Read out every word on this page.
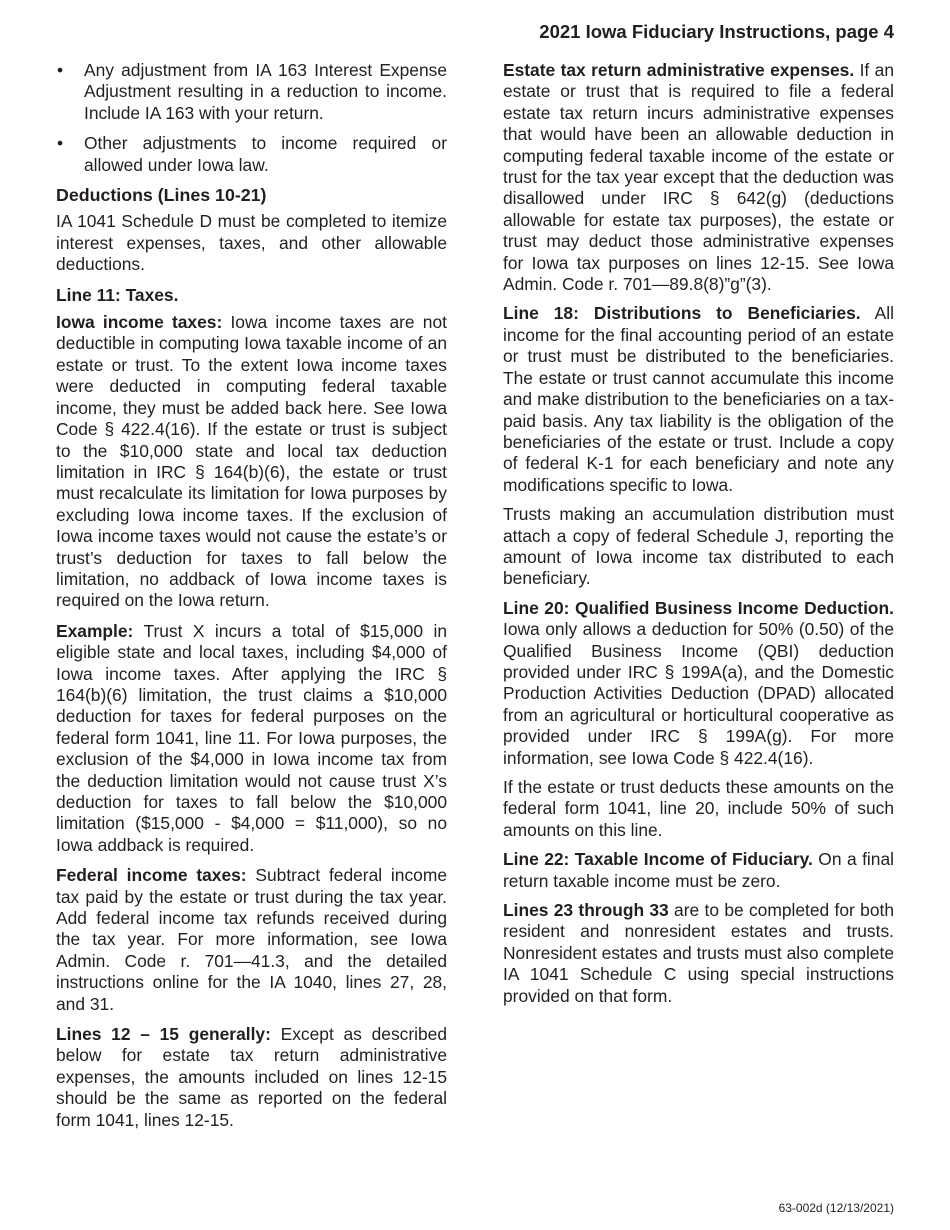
2021 Iowa Fiduciary Instructions, page 4
• Any adjustment from IA 163 Interest Expense Adjustment resulting in a reduction to income. Include IA 163 with your return.
• Other adjustments to income required or allowed under Iowa law.
Deductions (Lines 10-21)

IA 1041 Schedule D must be completed to itemize interest expenses, taxes, and other allowable deductions.

Line 11: Taxes.

Iowa income taxes: Iowa income taxes are not deductible in computing Iowa taxable income of an estate or trust. To the extent Iowa income taxes were deducted in computing federal taxable income, they must be added back here. See Iowa Code § 422.4(16). If the estate or trust is subject to the $10,000 state and local tax deduction limitation in IRC § 164(b)(6), the estate or trust must recalculate its limitation for Iowa purposes by excluding Iowa income taxes. If the exclusion of Iowa income taxes would not cause the estate’s or trust’s deduction for taxes to fall below the limitation, no addback of Iowa income taxes is required on the Iowa return.

Example: Trust X incurs a total of $15,000 in eligible state and local taxes, including $4,000 of Iowa income taxes. After applying the IRC § 164(b)(6) limitation, the trust claims a $10,000 deduction for taxes for federal purposes on the federal form 1041, line 11. For Iowa purposes, the exclusion of the $4,000 in Iowa income tax from the deduction limitation would not cause trust X’s deduction for taxes to fall below the $10,000 limitation ($15,000 - $4,000 = $11,000), so no Iowa addback is required.

Federal income taxes: Subtract federal income tax paid by the estate or trust during the tax year. Add federal income tax refunds received during the tax year. For more information, see Iowa Admin. Code r. 701—41.3, and the detailed instructions online for the IA 1040, lines 27, 28, and 31.

Lines 12 – 15 generally: Except as described below for estate tax return administrative expenses, the amounts included on lines 12-15 should be the same as reported on the federal form 1041, lines 12-15.

Estate tax return administrative expenses. If an estate or trust that is required to file a federal estate tax return incurs administrative expenses that would have been an allowable deduction in computing federal taxable income of the estate or trust for the tax year except that the deduction was disallowed under IRC § 642(g) (deductions allowable for estate tax purposes), the estate or trust may deduct those administrative expenses for Iowa tax purposes on lines 12-15. See Iowa Admin. Code r. 701—89.8(8)”g”(3).

Line 18: Distributions to Beneficiaries. All income for the final accounting period of an estate or trust must be distributed to the beneficiaries. The estate or trust cannot accumulate this income and make distribution to the beneficiaries on a tax-paid basis. Any tax liability is the obligation of the beneficiaries of the estate or trust. Include a copy of federal K-1 for each beneficiary and note any modifications specific to Iowa.

Trusts making an accumulation distribution must attach a copy of federal Schedule J, reporting the amount of Iowa income tax distributed to each beneficiary.

Line 20: Qualified Business Income Deduction. Iowa only allows a deduction for 50% (0.50) of the Qualified Business Income (QBI) deduction provided under IRC § 199A(a), and the Domestic Production Activities Deduction (DPAD) allocated from an agricultural or horticultural cooperative as provided under IRC § 199A(g). For more information, see Iowa Code § 422.4(16).

If the estate or trust deducts these amounts on the federal form 1041, line 20, include 50% of such amounts on this line.

Line 22: Taxable Income of Fiduciary. On a final return taxable income must be zero.

Lines 23 through 33 are to be completed for both resident and nonresident estates and trusts. Nonresident estates and trusts must also complete IA 1041 Schedule C using special instructions provided on that form.

63-002d (12/13/2021)
